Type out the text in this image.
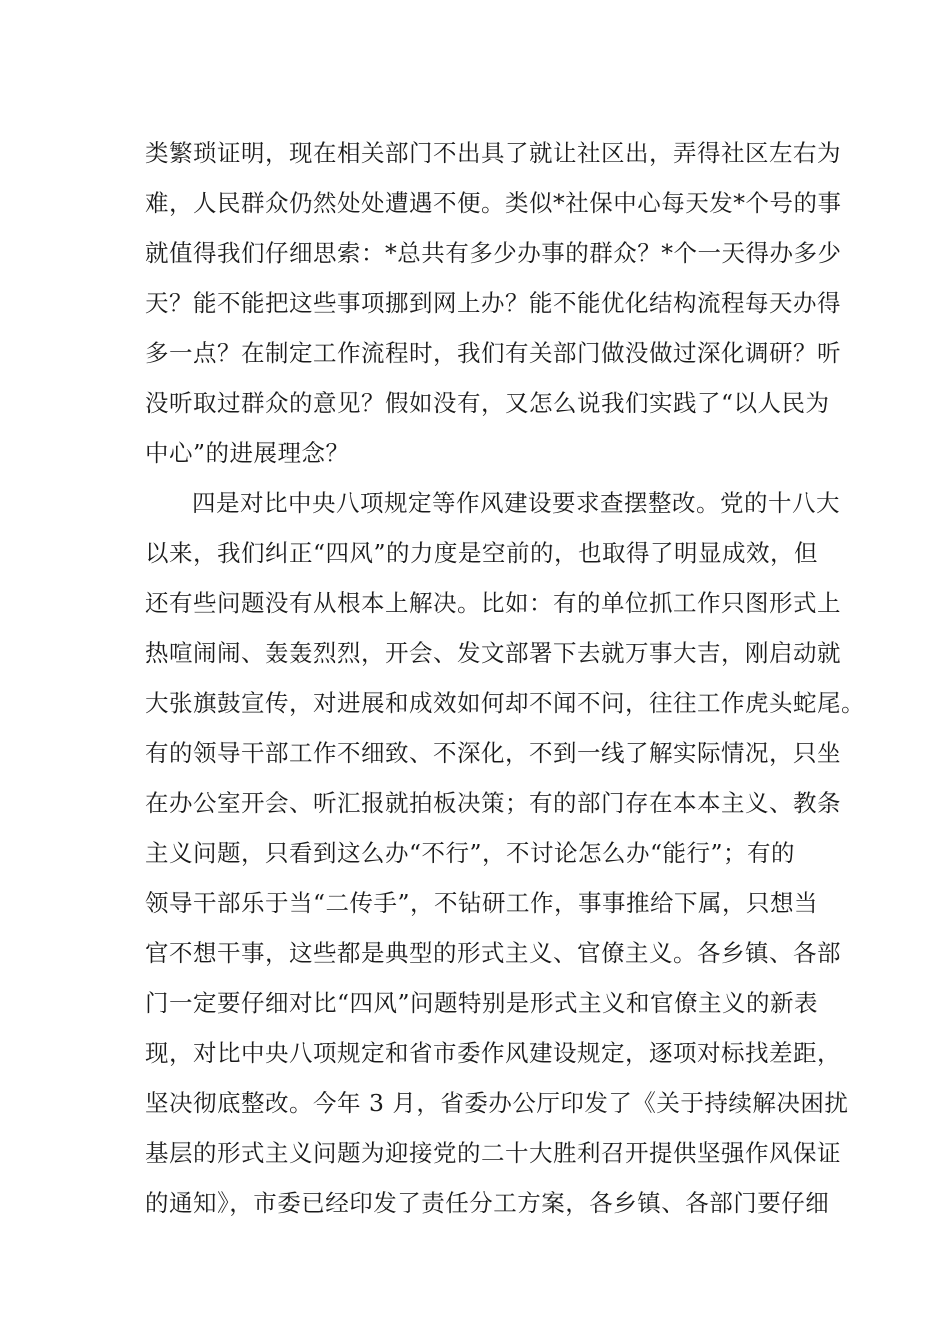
类繁琐证明，现在相关部门不出具了就让社区出，弄得社区左右为
难，人民群众仍然处处遭遇不便。类似*社保中心每天发*个号的事
就值得我们仔细思索：*总共有多少办事的群众？*个一天得办多少
天？能不能把这些事项挪到网上办？能不能优化结构流程每天办得
多一点？在制定工作流程时，我们有关部门做没做过深化调研？听
没听取过群众的意见？假如没有，又怎么说我们实践了“以人民为
中心”的进展理念？
四是对比中央八项规定等作风建设要求查摆整改。党的十八大
以来，我们纠正“四风”的力度是空前的，也取得了明显成效，但
还有些问题没有从根本上解决。比如：有的单位抓工作只图形式上
热喧闹闹、轰轰烈烈，开会、发文部署下去就万事大吉，刚启动就
大张旗鼓宣传，对进展和成效如何却不闻不问，往往工作虎头蛇尾。
有的领导干部工作不细致、不深化，不到一线了解实际情况，只坐
在办公室开会、听汇报就拍板决策；有的部门存在本本主义、教条
主义问题，只看到这么办“不行”，不讨论怎么办“能行”；有的
领导干部乐于当“二传手”，不钻研工作，事事推给下属，只想当
官不想干事，这些都是典型的形式主义、官僚主义。各乡镇、各部
门一定要仔细对比“四风”问题特别是形式主义和官僚主义的新表
现，对比中央八项规定和省市委作风建设规定，逐项对标找差距，
坚决彻底整改。今年 3 月，省委办公厅印发了《关于持续解决困扰
基层的形式主义问题为迎接党的二十大胜利召开提供坚强作风保证
的通知》，市委已经印发了责任分工方案，各乡镇、各部门要仔细
